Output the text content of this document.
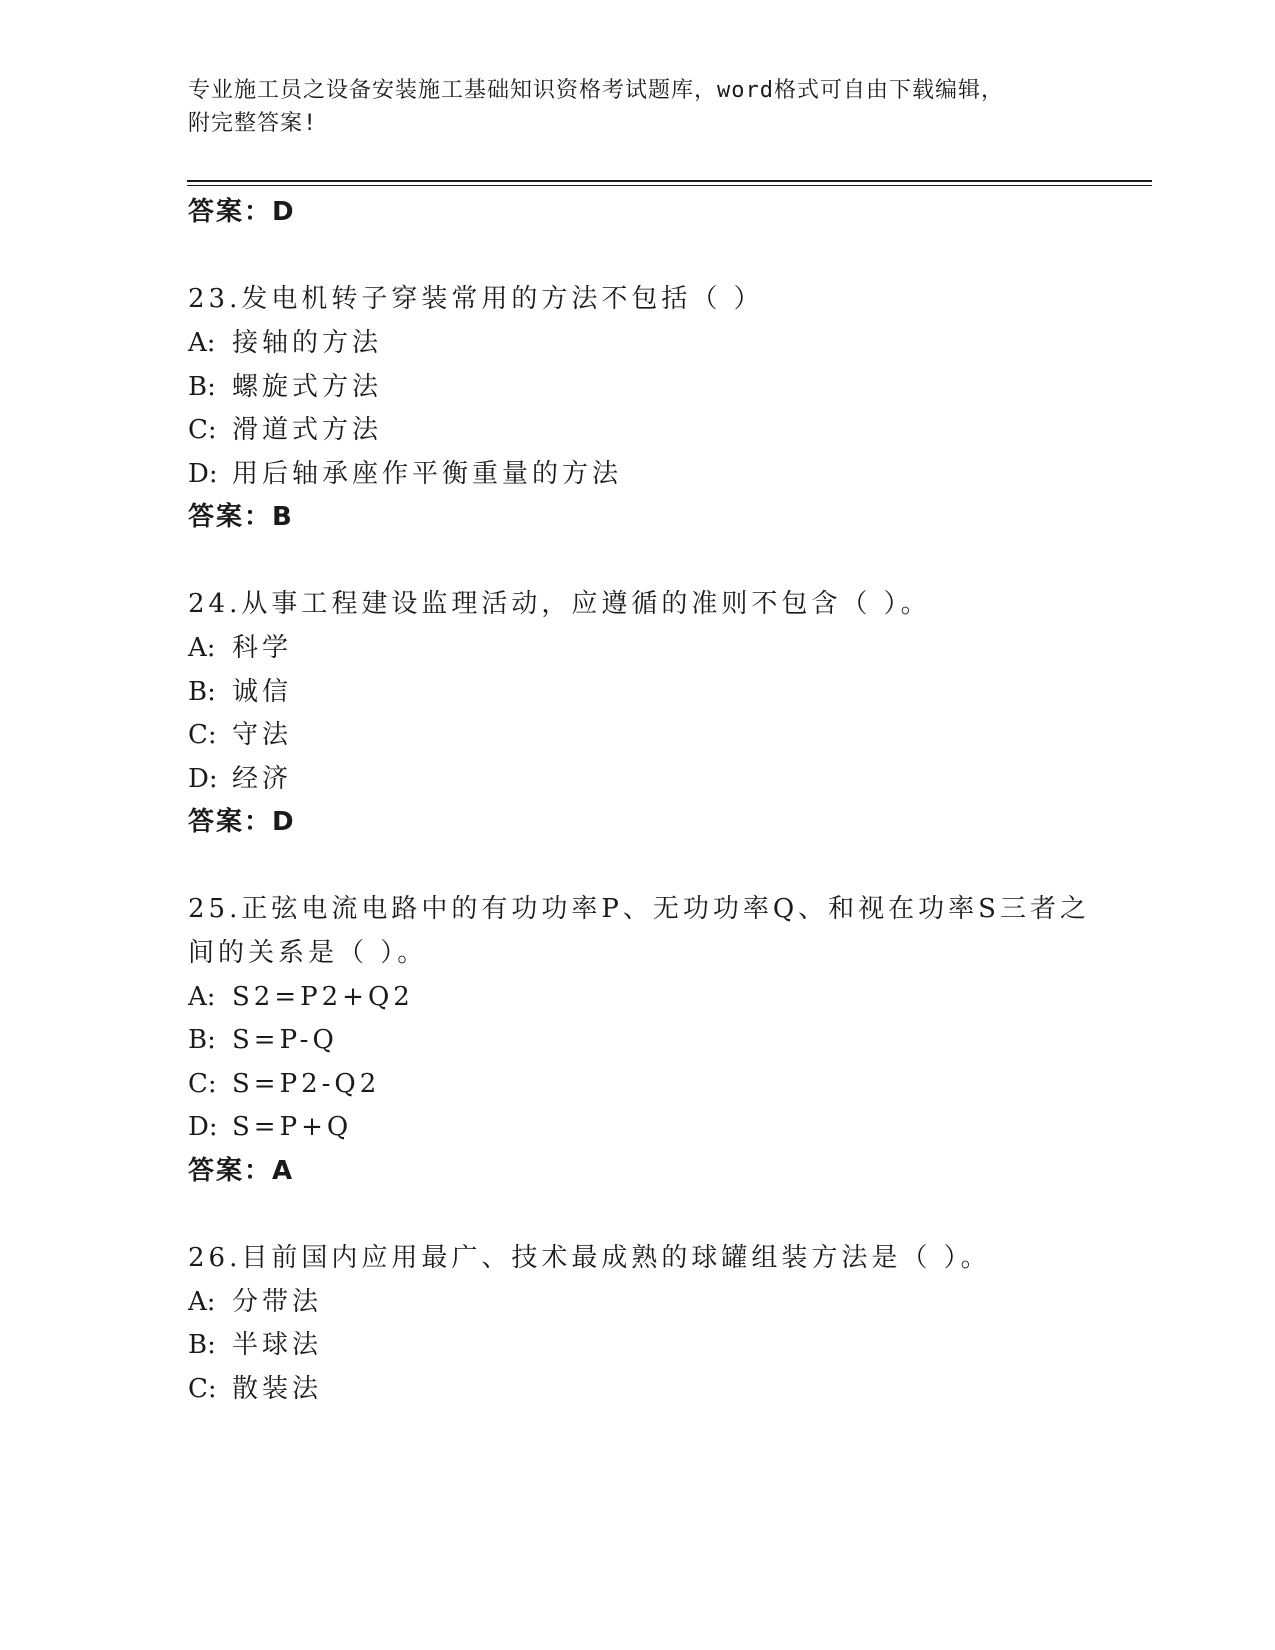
专业施工员之设备安装施工基础知识资格考试题库，word格式可自由下载编辑，
附完整答案!
答案：D
23.发电机转子穿装常用的方法不包括（ ）
A: 接轴的方法
B: 螺旋式方法
C: 滑道式方法
D: 用后轴承座作平衡重量的方法
答案：B
24.从事工程建设监理活动，应遵循的准则不包含（ ）。
A: 科学
B: 诚信
C: 守法
D: 经济
答案：D
25.正弦电流电路中的有功功率P、无功功率Q、和视在功率S三者之
间的关系是（ ）。
A: S2=P2+Q2
B: S=P-Q
C: S=P2-Q2
D: S=P+Q
答案：A
26.目前国内应用最广、技术最成熟的球罐组装方法是（ ）。
A: 分带法
B: 半球法
C: 散装法
